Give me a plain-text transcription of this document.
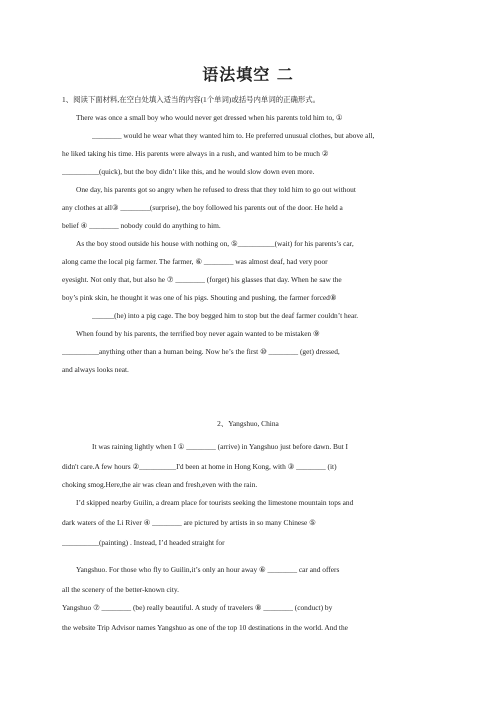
语法填空 二
1、阅读下面材料,在空白处填入适当的内容(1个单词)或括号内单词的正确形式。
There was once a small boy who would never get dressed when his parents told him to, ①
________ would he wear what they wanted him to. He preferred unusual clothes, but above all,
he liked taking his time. His parents were always in a rush, and wanted him to be much ②
__________(quick), but the boy didn’t like this, and he would slow down even more.
One day, his parents got so angry when he refused to dress that they told him to go out without
any clothes at all③ ________(surprise), the boy followed his parents out of the door. He held a
belief ④ ________ nobody could do anything to him.
As the boy stood outside his house with nothing on, ⑤__________(wait) for his parents’s car,
along came the local pig farmer. The farmer, ⑥ ________ was almost deaf, had very poor
eyesight. Not only that, but also he ⑦ ________ (forget) his glasses that day. When he saw the
boy’s pink skin, he thought it was one of his pigs. Shouting and pushing, the farmer forced⑧
______(he) into a pig cage. The boy begged him to stop but the deaf farmer couldn’t hear.
When found by his parents, the terrified boy never again wanted to be mistaken ⑨
__________anything other than a human being. Now he’s the first ⑩ ________ (get) dressed,
and always looks neat.
2、Yangshuo, China
It was raining lightly when I ① ________ (arrive) in Yangshuo just before dawn. But I
didn't care.A few hours ②__________I'd been at home in Hong Kong, with ③ ________ (it)
choking smog.Here,the air was clean and fresh,even with the rain.
I’d skipped nearby Guilin, a dream place for tourists seeking the limestone mountain tops and
dark waters of the Li River ④ ________ are pictured by artists in so many Chinese ⑤
__________(painting) . Instead, I’d headed straight for
Yangshuo. For those who fly to Guilin,it’s only an hour away ⑥ ________ car and offers
all the scenery of the better-known city.
Yangshuo ⑦ ________ (be) really beautiful. A study of travelers ⑧ ________ (conduct) by
the website Trip Advisor names Yangshuo as one of the top 10 destinations in the world. And the
